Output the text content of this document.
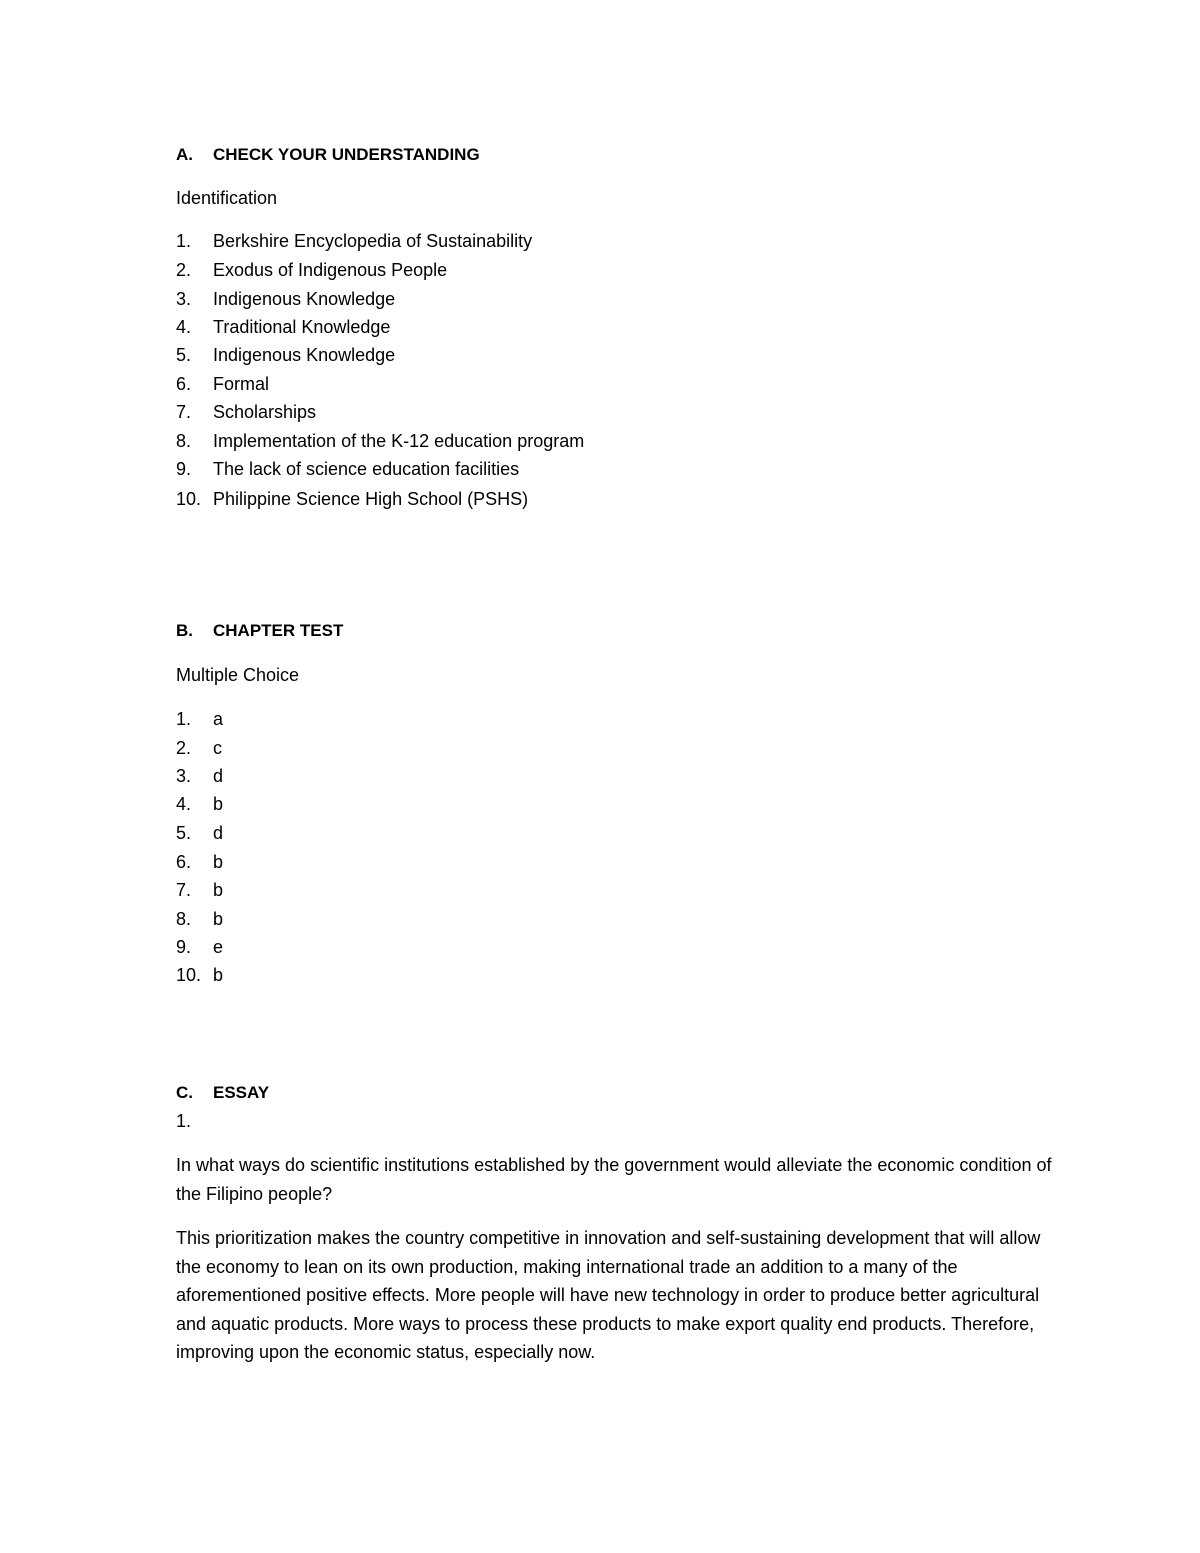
A. CHECK YOUR UNDERSTANDING
Identification
1. Berkshire Encyclopedia of Sustainability
2. Exodus of Indigenous People
3. Indigenous Knowledge
4. Traditional Knowledge
5. Indigenous Knowledge
6. Formal
7. Scholarships
8. Implementation of the K-12 education program
9. The lack of science education facilities
10. Philippine Science High School (PSHS)
B. CHAPTER TEST
Multiple Choice
1. a
2. c
3. d
4. b
5. d
6. b
7. b
8. b
9. e
10. b
C. ESSAY
1.
In what ways do scientific institutions established by the government would alleviate the economic condition of the Filipino people?
This prioritization makes the country competitive in innovation and self-sustaining development that will allow the economy to lean on its own production, making international trade an addition to a many of the aforementioned positive effects. More people will have new technology in order to produce better agricultural and aquatic products. More ways to process these products to make export quality end products. Therefore, improving upon the economic status, especially now.
